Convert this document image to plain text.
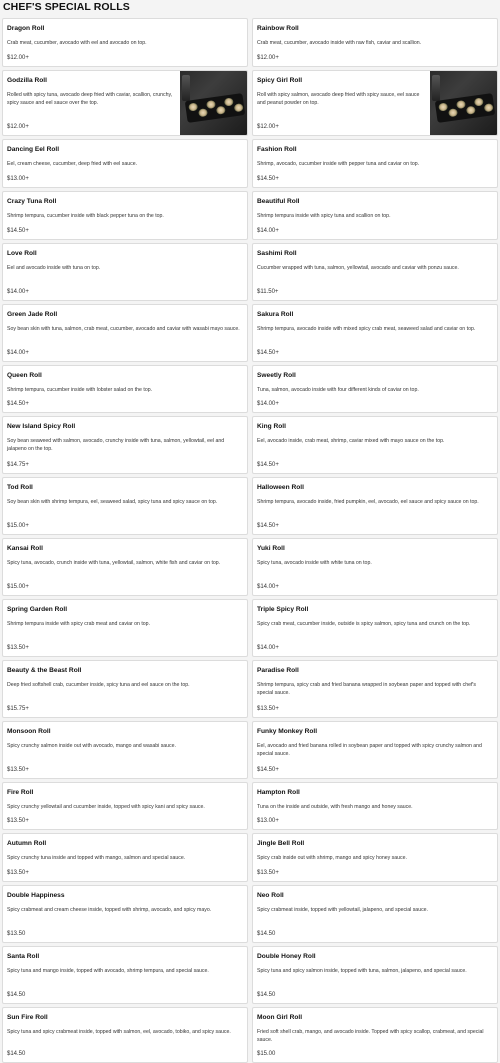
CHEF'S SPECIAL ROLLS
Dragon Roll
Crab meat, cucumber, avocado with eel and avocado on top.
$12.00+
Rainbow Roll
Crab meat, cucumber, avocado inside with raw fish, caviar and scallion.
$12.00+
Godzilla Roll
Rolled with spicy tuna, avocado deep fried with caviar, scallion, crunchy, spicy sauce and eel sauce over the top.
$12.00+
Spicy Girl Roll
Roll with spicy salmon, avocado deep fried with spicy sauce, eel sauce and peanut powder on top.
$12.00+
Dancing Eel Roll
Eel, cream cheese, cucumber, deep fried with eel sauce.
$13.00+
Fashion Roll
Shrimp, avocado, cucumber inside with pepper tuna and caviar on top.
$14.50+
Crazy Tuna Roll
Shrimp tempura, cucumber inside with black pepper tuna on the top.
$14.50+
Beautiful Roll
Shrimp tempura inside with spicy tuna and scallion on top.
$14.00+
Love Roll
Eel and avocado inside with tuna on top.
$14.00+
Sashimi Roll
Cucumber wrapped with tuna, salmon, yellowtail, avocado and caviar with ponzu sauce.
$11.50+
Green Jade Roll
Soy bean skin with tuna, salmon, crab meat, cucumber, avocado and caviar with wasabi mayo sauce.
$14.00+
Sakura Roll
Shrimp tempura, avocado inside with mixed spicy crab meat, seaweed salad and caviar on top.
$14.50+
Queen Roll
Shrimp tempura, cucumber inside with lobster salad on the top.
$14.50+
Sweetly Roll
Tuna, salmon, avocado inside with four different kinds of caviar on top.
$14.00+
New Island Spicy Roll
Soy bean seaweed with salmon, avocado, crunchy inside with tuna, salmon, yellowtail, eel and jalapeno on the top.
$14.75+
King Roll
Eel, avocado inside, crab meat, shrimp, caviar mixed with mayo sauce on the top.
$14.50+
Tod Roll
Soy bean skin with shrimp tempura, eel, seaweed salad, spicy tuna and spicy sauce on top.
$15.00+
Halloween Roll
Shrimp tempura, avocado inside, fried pumpkin, eel, avocado, eel sauce and spicy sauce on top.
$14.50+
Kansai Roll
Spicy tuna, avocado, crunch inside with tuna, yellowtail, salmon, white fish and caviar on top.
$15.00+
Yuki Roll
Spicy tuna, avocado inside with white tuna on top.
$14.00+
Spring Garden Roll
Shrimp tempura inside with spicy crab meat and caviar on top.
$13.50+
Triple Spicy Roll
Spicy crab meat, cucumber inside, outside is spicy salmon, spicy tuna and crunch on the top.
$14.00+
Beauty & the Beast Roll
Deep fried softshell crab, cucumber inside, spicy tuna and eel sauce on the top.
$15.75+
Paradise Roll
Shrimp tempura, spicy crab and fried banana wrapped in soybean paper and topped with chef's special sauce.
$13.50+
Monsoon Roll
Spicy crunchy salmon inside out with avocado, mango and wasabi sauce.
$13.50+
Funky Monkey Roll
Eel, avocado and fried banana rolled in soybean paper and topped with spicy crunchy salmon and special sauce.
$14.50+
Fire Roll
Spicy crunchy yellowtail and cucumber inside, topped with spicy kani and spicy sauce.
$13.50+
Hampton Roll
Tuna on the inside and outside, with fresh mango and honey sauce.
$13.00+
Autumn Roll
Spicy crunchy tuna inside and topped with mango, salmon and special sauce.
$13.50+
Jingle Bell Roll
Spicy crab inside out with shrimp, mango and spicy honey sauce.
$13.50+
Double Happiness
Spicy crabmeat and cream cheese inside, topped with shrimp, avocado, and spicy mayo.
$13.50
Neo Roll
Spicy crabmeat inside, topped with yellowtail, jalapeno, and special sauce.
$14.50
Santa Roll
Spicy tuna and mango inside, topped with avocado, shrimp tempura, and special sauce.
$14.50
Double Honey Roll
Spicy tuna and spicy salmon inside, topped with tuna, salmon, jalapeno, and special sauce.
$14.50
Sun Fire Roll
Spicy tuna and spicy crabmeat inside, topped with salmon, eel, avocado, tobiko, and spicy sauce.
$14.50
Moon Girl Roll
Fried soft shell crab, mango, and avocado inside. Topped with spicy scallop, crabmeat, and special sauce.
$15.00
